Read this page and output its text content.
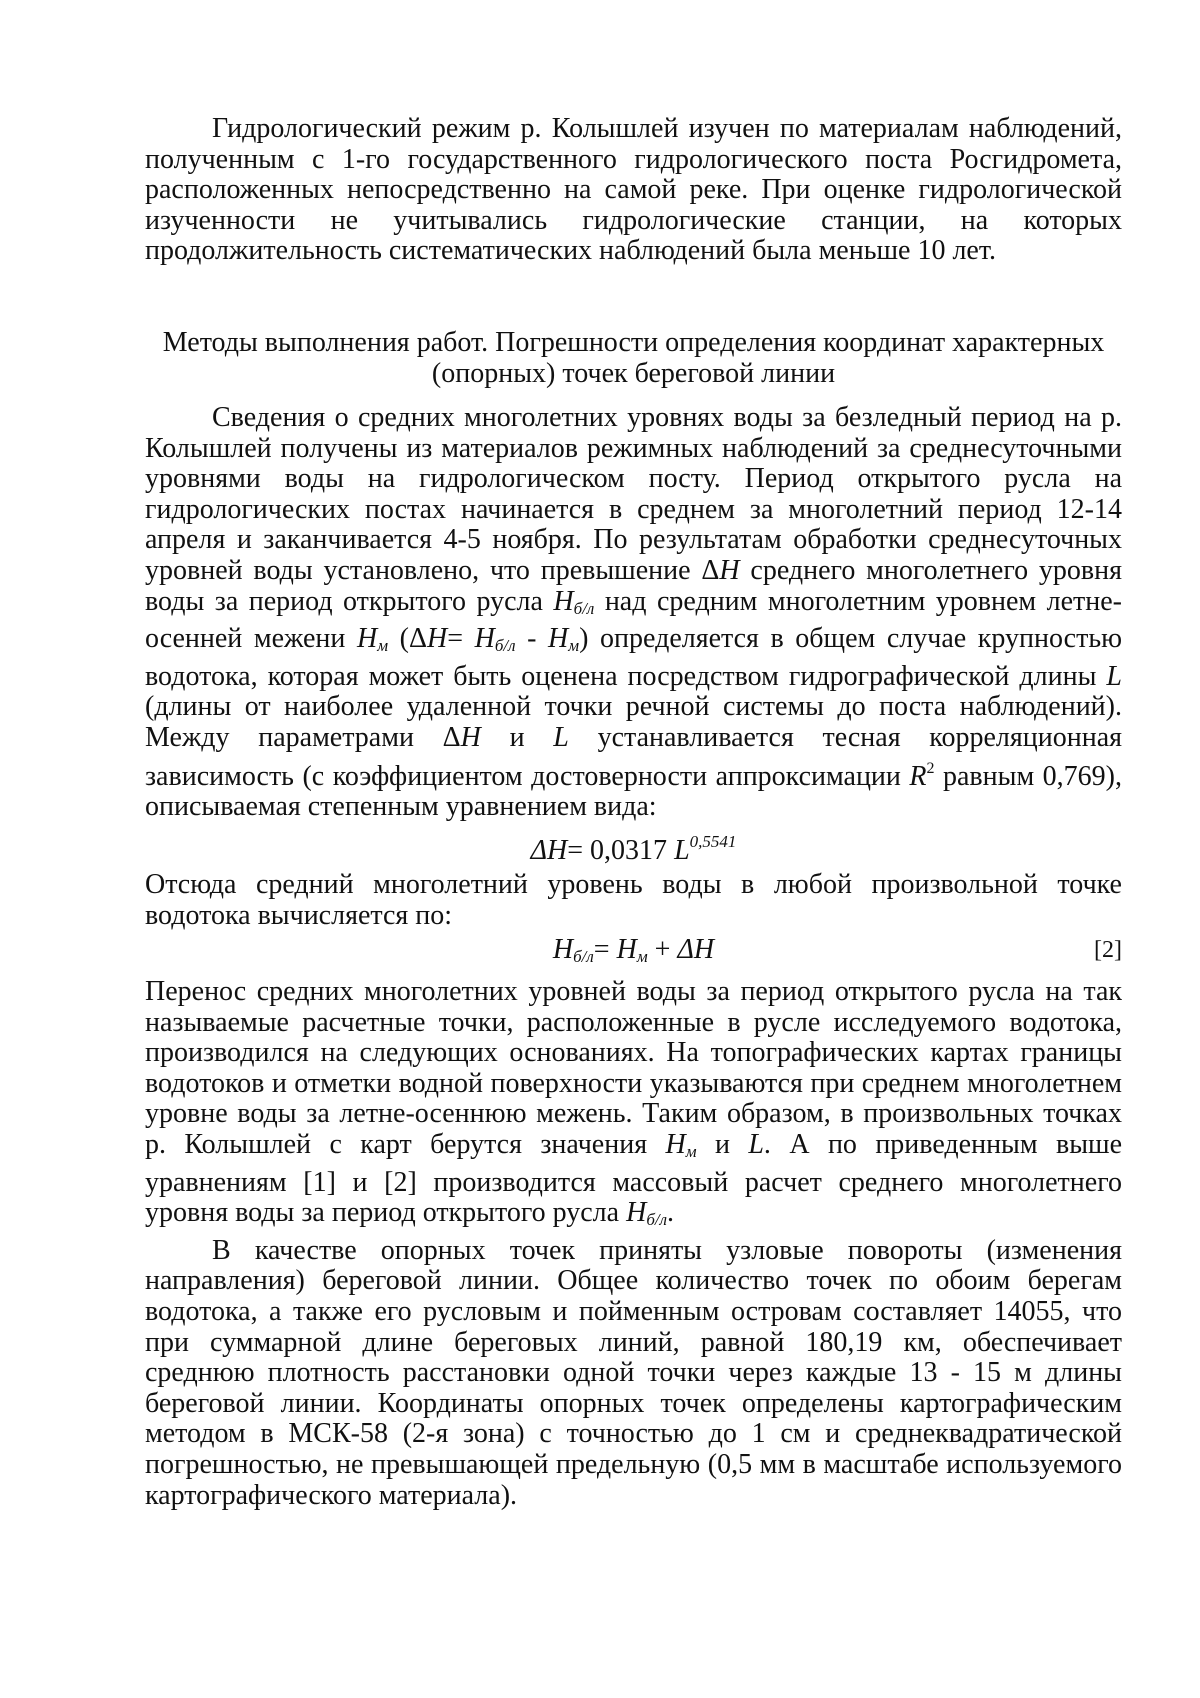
Гидрологический режим р. Колышлей изучен по материалам наблюдений, полученным с 1-го государственного гидрологического поста Росгидромета, расположенных непосредственно на самой реке. При оценке гидрологической изученности не учитывались гидрологические станции, на которых продолжительность систематических наблюдений была меньше 10 лет.

Методы выполнения работ. Погрешности определения координат характерных
(опорных) точек береговой линии

Сведения о средних многолетних уровнях воды за безледный период на р. Колышлей получены из материалов режимных наблюдений за среднесуточными уровнями воды на гидрологическом посту. Период открытого русла на гидрологических постах начинается в среднем за многолетний период 12-14 апреля и заканчивается 4-5 ноября. По результатам обработки среднесуточных уровней воды установлено, что превышение ΔH среднего многолетнего уровня воды за период открытого русла $H_{б/л}$ над средним многолетним уровнем летне-осенней межени $H_м$ $(\Delta H= H_{б/л} - H_м)$ определяется в общем случае крупностью водотока, которая может быть оценена посредством гидрографической длины L (длины от наиболее удаленной точки речной системы до поста наблюдений). Между параметрами ΔH и L устанавливается тесная корреляционная зависимость (с коэффициентом достоверности аппроксимации $R^2$ равным 0,769), описываемая степенным уравнением вида:

ΔH= 0,0317 $L^{0,5541}$

Отсюда средний многолетний уровень воды в любой произвольной точке водотока вычисляется по:

$H_{б/л}= H_м + \Delta H$	[2]

Перенос средних многолетних уровней воды за период открытого русла на так называемые расчетные точки, расположенные в русле исследуемого водотока, производился на следующих основаниях. На топографических картах границы водотоков и отметки водной поверхности указываются при среднем многолетнем уровне воды за летне-осеннюю межень. Таким образом, в произвольных точках р. Колышлей с карт берутся значения $H_м$ и L. А по приведенным выше уравнениям [1] и [2] производится массовый расчет среднего многолетнего уровня воды за период открытого русла $H_{б/л}$.

В качестве опорных точек приняты узловые повороты (изменения направления) береговой линии. Общее количество точек по обоим берегам водотока, а также его русловым и пойменным островам составляет 14055, что при суммарной длине береговых линий, равной 180,19 км, обеспечивает среднюю плотность расстановки одной точки через каждые 13 - 15 м длины береговой линии. Координаты опорных точек определены картографическим методом в МСК-58 (2-я зона) с точностью до 1 см и среднеквадратической погрешностью, не превышающей предельную (0,5 мм в масштабе используемого картографического материала).
